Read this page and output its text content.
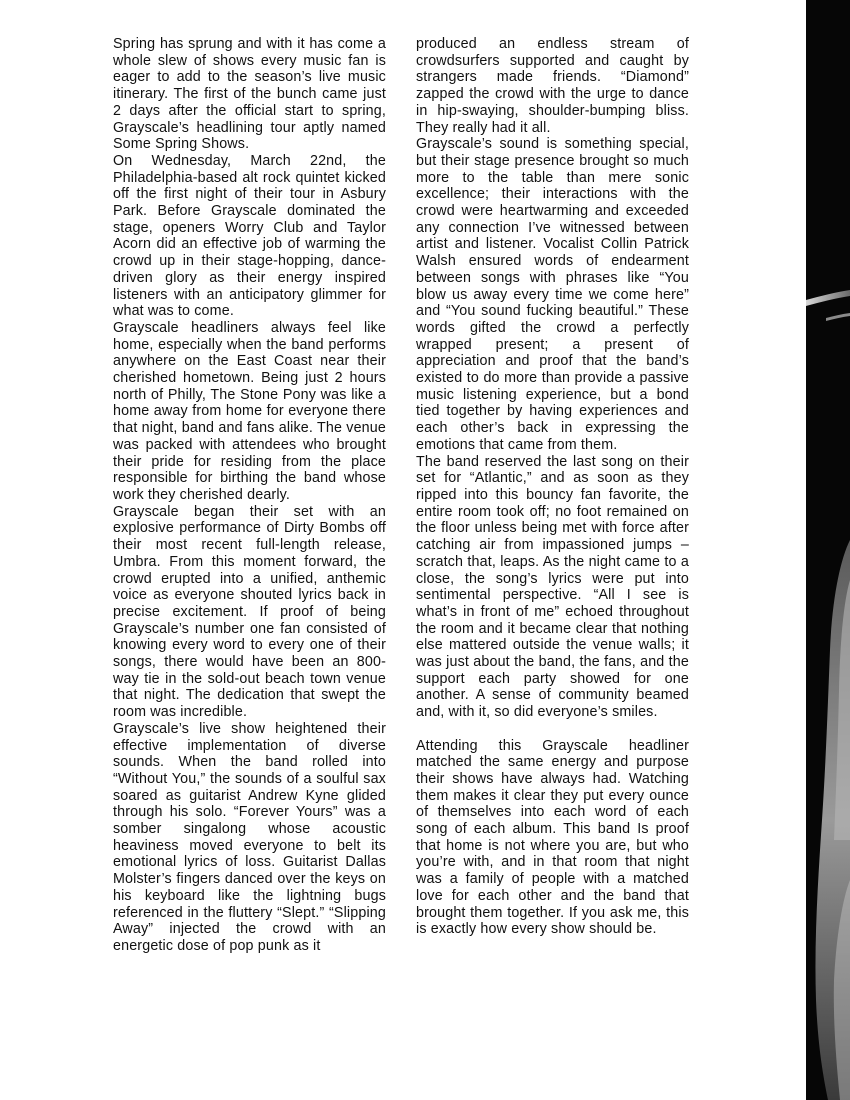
Spring has sprung and with it has come a whole slew of shows every music fan is eager to add to the season’s live music itinerary. The first of the bunch came just 2 days after the official start to spring, Grayscale’s headlining tour aptly named Some Spring Shows.

On Wednesday, March 22nd, the Philadelphia-based alt rock quintet kicked off the first night of their tour in Asbury Park. Before Grayscale dominated the stage, openers Worry Club and Taylor Acorn did an effective job of warming the crowd up in their stage-hopping, dance-driven glory as their energy inspired listeners with an anticipatory glimmer for what was to come.

Grayscale headliners always feel like home, especially when the band performs anywhere on the East Coast near their cherished hometown. Being just 2 hours north of Philly, The Stone Pony was like a home away from home for everyone there that night, band and fans alike. The venue was packed with attendees who brought their pride for residing from the place responsible for birthing the band whose work they cherished dearly.

Grayscale began their set with an explosive performance of Dirty Bombs off their most recent full-length release, Umbra. From this moment forward, the crowd erupted into a unified, anthemic voice as everyone shouted lyrics back in precise excitement. If proof of being Grayscale’s number one fan consisted of knowing every word to every one of their songs, there would have been an 800-way tie in the sold-out beach town venue that night. The dedication that swept the room was incredible.

Grayscale’s live show heightened their effective implementation of diverse sounds. When the band rolled into “Without You,” the sounds of a soulful sax soared as guitarist Andrew Kyne glided through his solo. “Forever Yours” was a somber singalong whose acoustic heaviness moved everyone to belt its emotional lyrics of loss. Guitarist Dallas Molster’s fingers danced over the keys on his keyboard like the lightning bugs referenced in the fluttery “Slept.” “Slipping Away” injected the crowd with an energetic dose of pop punk as it

produced an endless stream of crowdsurfers supported and caught by strangers made friends. “Diamond” zapped the crowd with the urge to dance in hip-swaying, shoulder-bumping bliss. They really had it all.

Grayscale’s sound is something special, but their stage presence brought so much more to the table than mere sonic excellence; their interactions with the crowd were heartwarming and exceeded any connection I’ve witnessed between artist and listener. Vocalist Collin Patrick Walsh ensured words of endearment between songs with phrases like “You blow us away every time we come here” and “You sound fucking beautiful.” These words gifted the crowd a perfectly wrapped present; a present of appreciation and proof that the band’s existed to do more than provide a passive music listening experience, but a bond tied together by having experiences and each other’s back in expressing the emotions that came from them.

The band reserved the last song on their set for “Atlantic,” and as soon as they ripped into this bouncy fan favorite, the entire room took off; no foot remained on the floor unless being met with force after catching air from impassioned jumps – scratch that, leaps. As the night came to a close, the song’s lyrics were put into sentimental perspective. “All I see is what’s in front of me” echoed throughout the room and it became clear that nothing else mattered outside the venue walls; it was just about the band, the fans, and the support each party showed for one another. A sense of community beamed and, with it, so did everyone’s smiles.

Attending this Grayscale headliner matched the same energy and purpose their shows have always had. Watching them makes it clear they put every ounce of themselves into each word of each song of each album. This band Is proof that home is not where you are, but who you’re with, and in that room that night was a family of people with a matched love for each other and the band that brought them together. If you ask me, this is exactly how every show should be.
